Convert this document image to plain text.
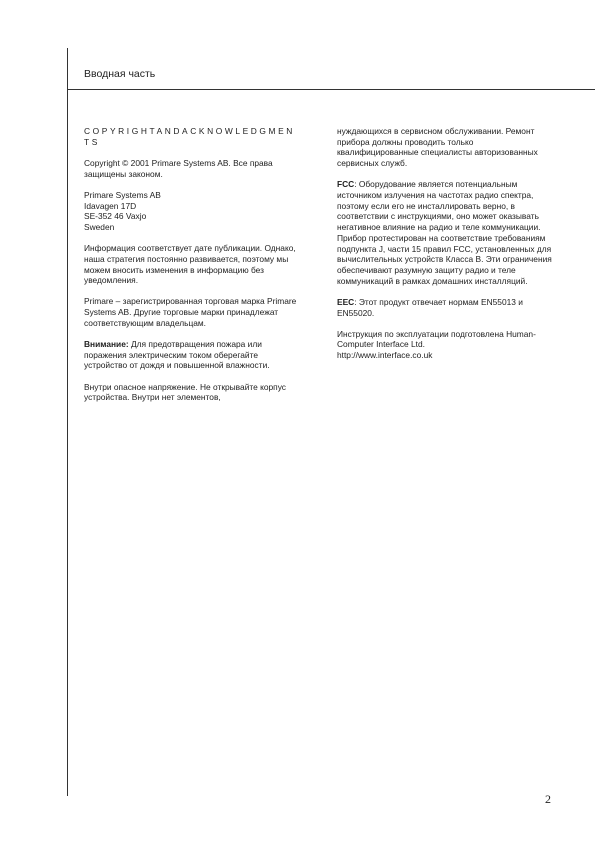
Вводная часть

COPYRIGHTANDACKNOWLEDGMENTS

Copyright © 2001 Primare Systems AB. Все права защищены законом.

Primare Systems AB
Idavagen 17D
SE-352 46 Vaxjo
Sweden

Информация соответствует дате публикации. Однако, наша стратегия постоянно развивается, поэтому мы можем вносить изменения в информацию без уведомления.

Primare – зарегистрированная торговая марка Primare Systems AB. Другие торговые марки принадлежат соответствующим владельцам.

Внимание: Для предотвращения пожара или поражения электрическим током оберегайте устройство от дождя и повышенной влажности.

Внутри опасное напряжение. Не открывайте корпус устройства. Внутри нет элементов,

нуждающихся в сервисном обслуживании. Ремонт прибора должны проводить только квалифицированные специалисты авторизованных сервисных служб.

FCC: Оборудование является потенциальным источником излучения на частотах радио спектра, поэтому если его не инсталлировать верно, в соответствии с инструкциями, оно может оказывать негативное влияние на радио и теле коммуникации. Прибор протестирован на соответствие требованиям подпункта J, части 15 правил FCC, установленных для вычислительных устройств Класса В. Эти ограничения обеспечивают разумную защиту радио и теле коммуникаций в рамках домашних инсталляций.

EEC: Этот продукт отвечает нормам EN55013 и EN55020.

Инструкция по эксплуатации подготовлена Human-Computer Interface Ltd.
http://www.interface.co.uk

2
